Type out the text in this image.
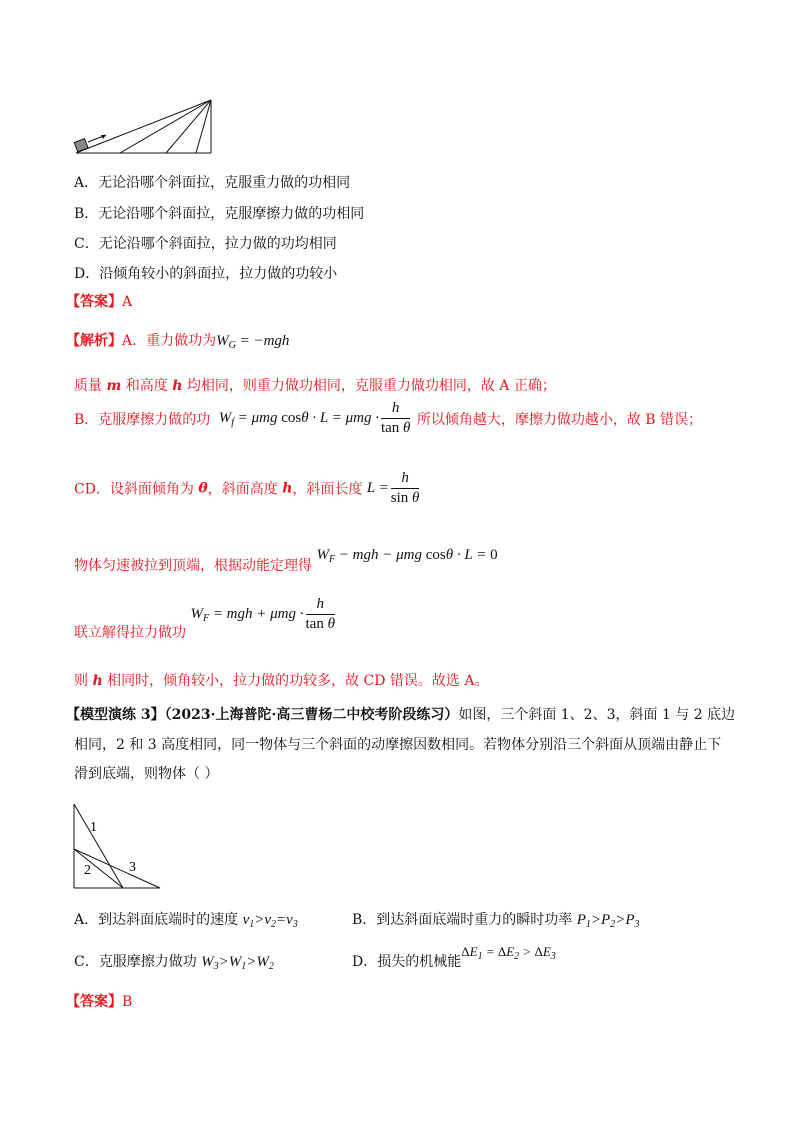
A．无论沿哪个斜面拉，克服重力做的功相同
B．无论沿哪个斜面拉，克服摩擦力做的功相同
C．无论沿哪个斜面拉，拉力做的功均相同
D．沿倾角较小的斜面拉，拉力做的功较小
【答案】A
【解析】A．重力做功为$W_G = -mgh$
质量 m 和高度 h 均相同，则重力做功相同，克服重力做功相同，故 A 正确；
B．克服摩擦力做的功 $W_f = \mu mg$ $\cos\theta \cdot L = \mu mg \cdot \frac{h}{\text{tan θ}}$ 所以倾角越大，摩擦力做功越小，故 B 错误；
CD．设斜面倾角为 θ，斜面高度 h，斜面长度 $L = \frac{h}{\text{sin θ}}$
物体匀速被拉到顶端，根据动能定理得 $W_F$ − mgh − μmg cosθ · L = 0
联立解得拉力做功 $W_F$ = mgh + $\mu mg \cdot \frac{h}{\text{tan θ}}$
则 h 相同时，倾角较小，拉力做的功较多，故 CD 错误。故选 A。
【模型演练 3】（2023·上海普陀·高三曹杨二中校考阶段练习）如图，三个斜面 1、2、3，斜面 1 与 2 底边
相同，2 和 3 高度相同，同一物体与三个斜面的动摩擦因数相同。若物体分别沿三个斜面从顶端由静止下
滑到底端，则物体（ ）
1
2	3
A．到达斜面底端时的速度 $v_1>v_2=v_3$	B．到达斜面底端时重力的瞬时功率 $P_1>P_2>P_3$
C．克服摩擦力做功 $W_3>W_1>W_2$	D．损失的机械能$\Delta E_1 = \Delta E_2 > \Delta E_3$
【答案】B
